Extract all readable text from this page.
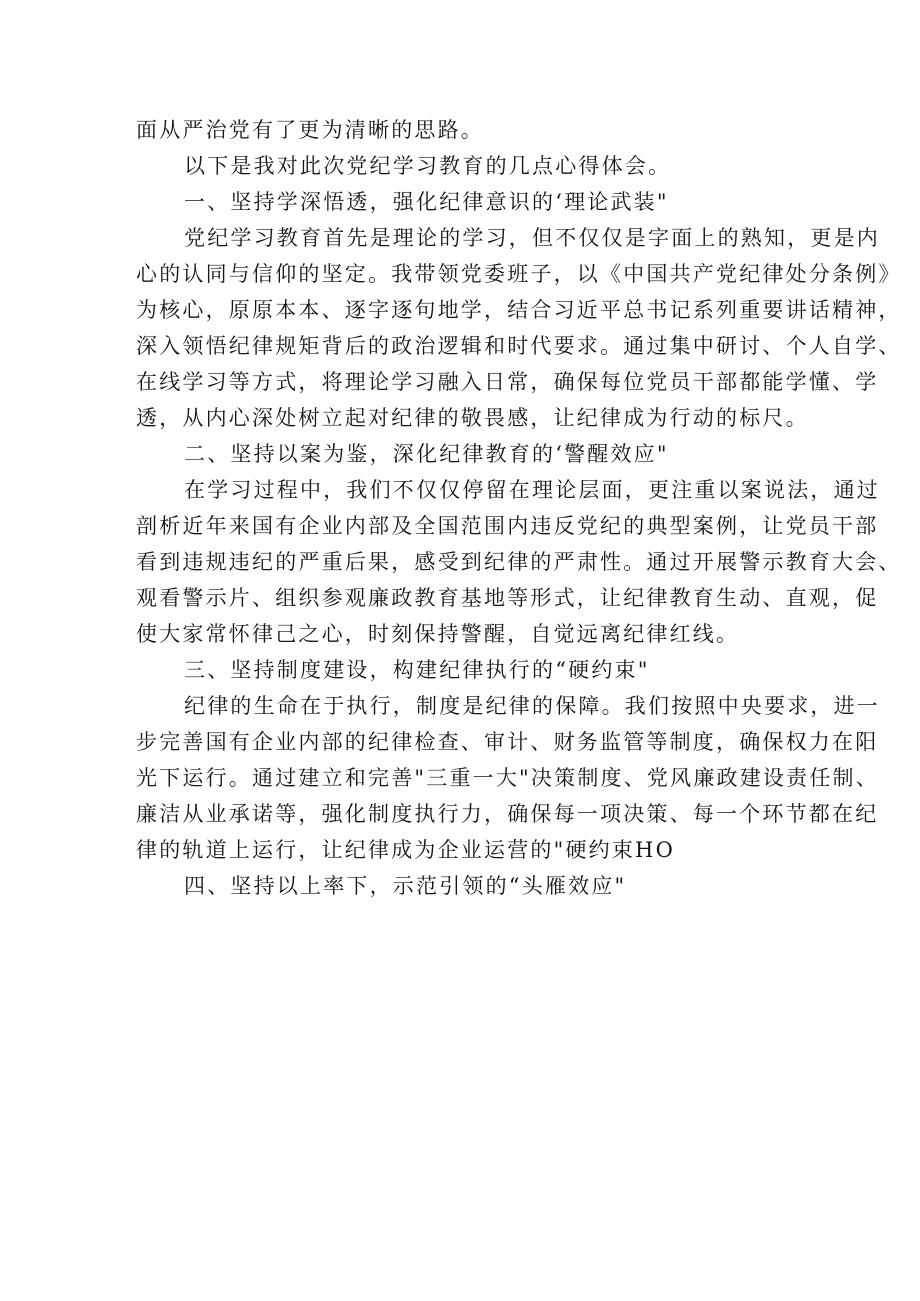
面从严治党有了更为清晰的思路。
以下是我对此次党纪学习教育的几点心得体会。
一、坚持学深悟透，强化纪律意识的‘理论武装"
党纪学习教育首先是理论的学习，但不仅仅是字面上的熟知，更是内
心的认同与信仰的坚定。我带领党委班子，以《中国共产党纪律处分条例》
为核心，原原本本、逐字逐句地学，结合习近平总书记系列重要讲话精神，
深入领悟纪律规矩背后的政治逻辑和时代要求。通过集中研讨、个人自学、
在线学习等方式，将理论学习融入日常，确保每位党员干部都能学懂、学
透，从内心深处树立起对纪律的敬畏感，让纪律成为行动的标尺。
二、坚持以案为鉴，深化纪律教育的‘警醒效应"
在学习过程中，我们不仅仅停留在理论层面，更注重以案说法，通过
剖析近年来国有企业内部及全国范围内违反党纪的典型案例，让党员干部
看到违规违纪的严重后果，感受到纪律的严肃性。通过开展警示教育大会、
观看警示片、组织参观廉政教育基地等形式，让纪律教育生动、直观，促
使大家常怀律己之心，时刻保持警醒，自觉远离纪律红线。
三、坚持制度建设，构建纪律执行的“硬约束"
纪律的生命在于执行，制度是纪律的保障。我们按照中央要求，进一
步完善国有企业内部的纪律检查、审计、财务监管等制度，确保权力在阳
光下运行。通过建立和完善"三重一大"决策制度、党风廉政建设责任制、
廉洁从业承诺等，强化制度执行力，确保每一项决策、每一个环节都在纪
律的轨道上运行，让纪律成为企业运营的"硬约束HO
四、坚持以上率下，示范引领的“头雁效应"
